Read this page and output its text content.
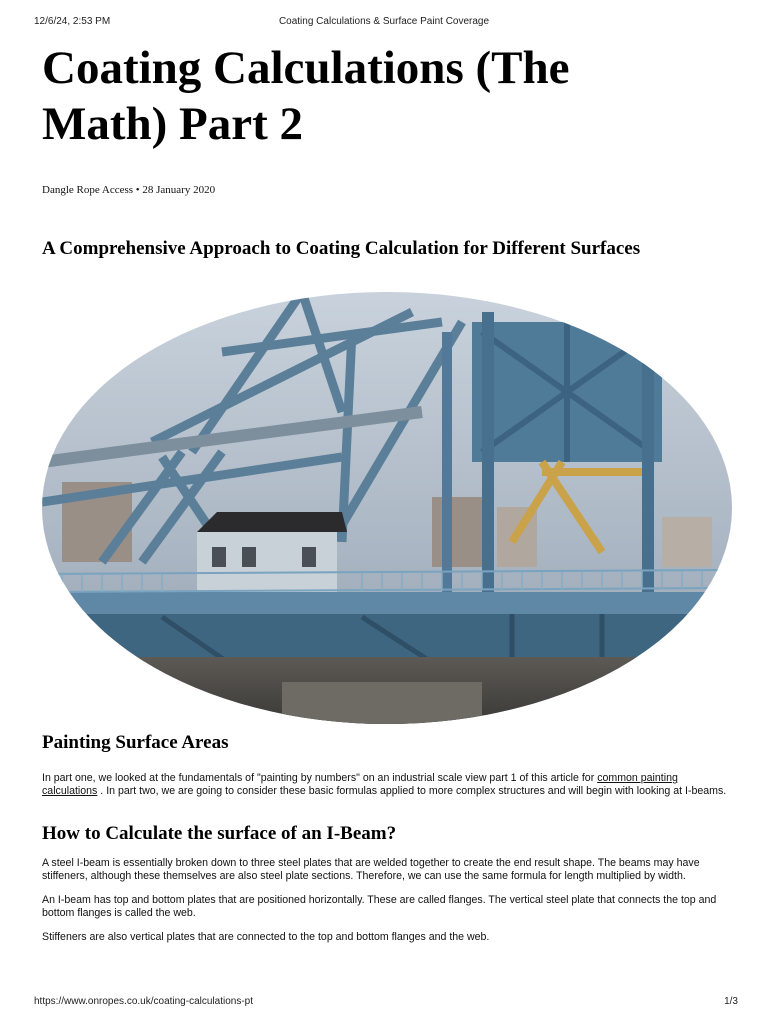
12/6/24, 2:53 PM	Coating Calculations & Surface Paint Coverage
Coating Calculations (The Math) Part 2
Dangle Rope Access • 28 January 2020
A Comprehensive Approach to Coating Calculation for Different Surfaces
Painting Surface Areas

In part one, we looked at the fundamentals of "painting by numbers" on an industrial scale view part 1 of this article for common painting calculations . In part two, we are going to consider these basic formulas applied to more complex structures and will begin with looking at I-beams.

How to Calculate the surface of an I-Beam?

A steel I-beam is essentially broken down to three steel plates that are welded together to create the end result shape. The beams may have stiffeners, although these themselves are also steel plate sections. Therefore, we can use the same formula for length multiplied by width.

An I-beam has top and bottom plates that are positioned horizontally. These are called flanges. The vertical steel plate that connects the top and bottom flanges is called the web.

Stiffeners are also vertical plates that are connected to the top and bottom flanges and the web.

https://www.onropes.co.uk/coating-calculations-pt	1/3
